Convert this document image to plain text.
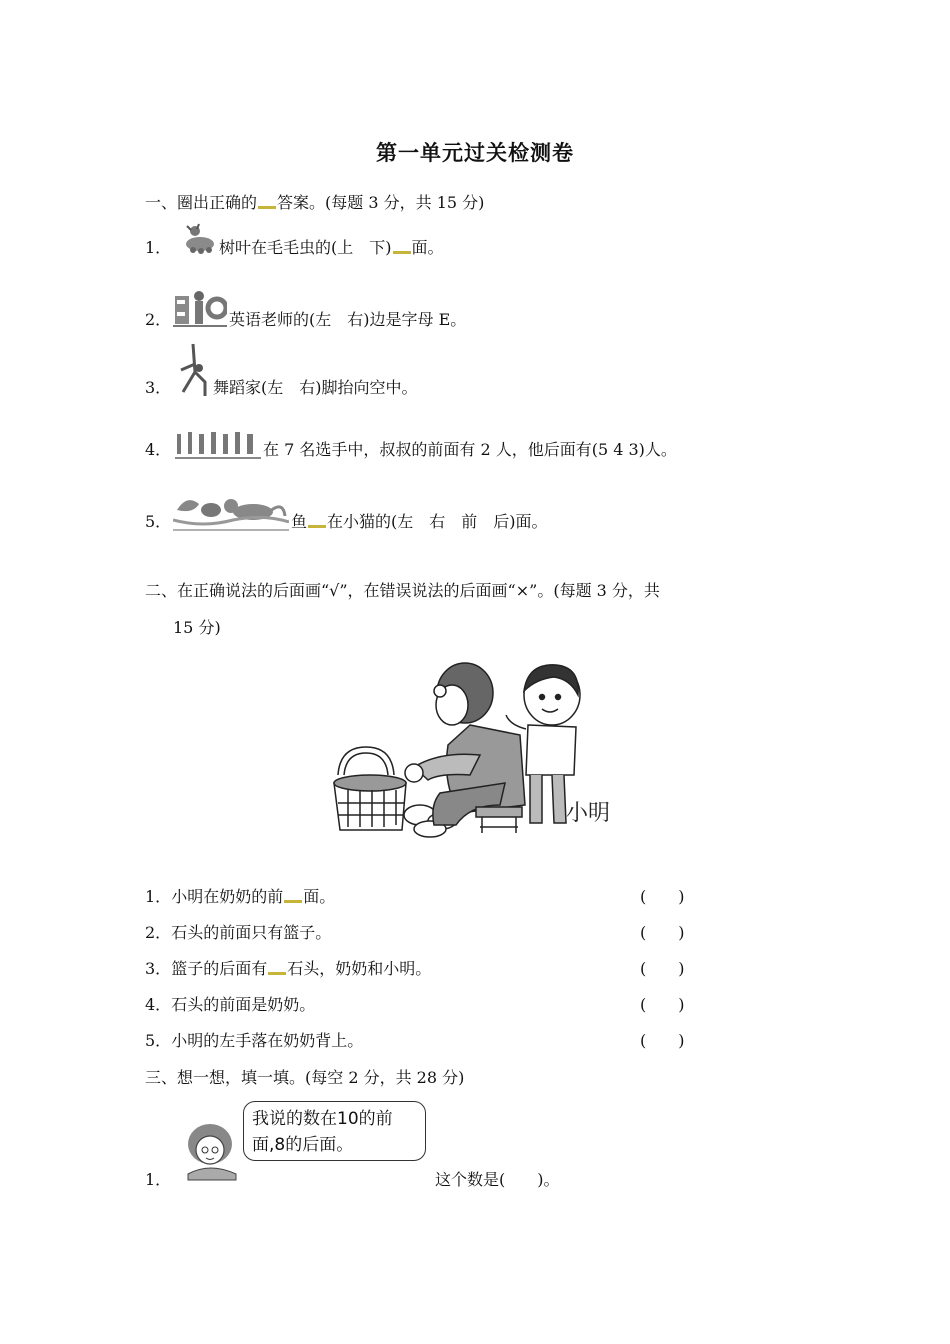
第一单元过关检测卷
一、圈出正确的 答案。(每题 3 分，共 15 分)
1．	树叶在毛毛虫的(上　下) 面。
2．	英语老师的(左　右)边是字母 E。
3．	舞蹈家(左　右)脚抬向空中。
4．	在 7 名选手中，叔叔的前面有 2 人，他后面有(5 4 3)人。
5．	鱼 在小猫的(左　右　前　后)面。
二、在正确说法的后面画“√”，在错误说法的后面画“×”。(每题 3 分，共
15 分)
小明
1． 小明在奶奶的前 面。	(　　)
2． 石头的前面只有篮子。	(　　)
3． 篮子的后面有 石头，奶奶和小明。	(　　)
4． 石头的前面是奶奶。	(　　)
5． 小明的左手落在奶奶背上。	(　　)
三、想一想，填一填。(每空 2 分，共 28 分)
1．
我说的数在10的前
面,8的后面。
这个数是(　　)。
